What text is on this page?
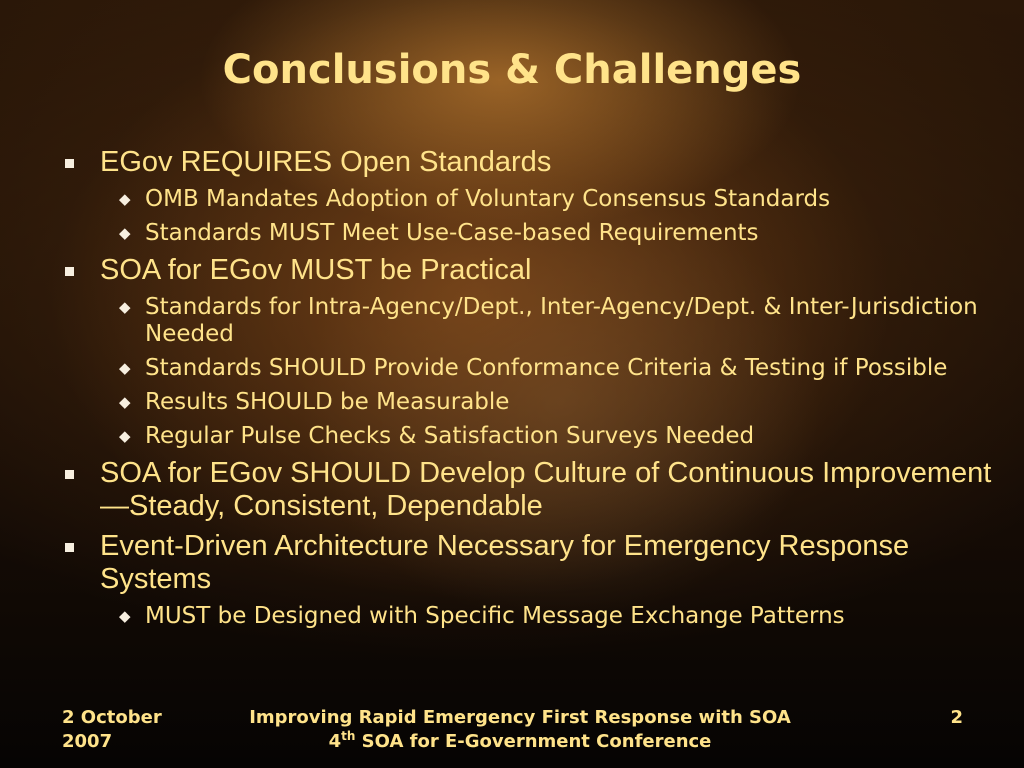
Conclusions & Challenges
EGov REQUIRES Open Standards
◆ OMB Mandates Adoption of Voluntary Consensus Standards
◆ Standards MUST Meet Use-Case-based Requirements
SOA for EGov MUST be Practical
◆ Standards for Intra-Agency/Dept., Inter-Agency/Dept. & Inter-Jurisdiction Needed
◆ Standards SHOULD Provide Conformance Criteria & Testing if Possible
◆ Results SHOULD be Measurable
◆ Regular Pulse Checks & Satisfaction Surveys Needed
SOA for EGov SHOULD Develop Culture of Continuous Improvement—Steady, Consistent, Dependable
Event-Driven Architecture Necessary for Emergency Response Systems
◆ MUST be Designed with Specific Message Exchange Patterns
2 October 2007
Improving Rapid Emergency First Response with SOA
4th SOA for E-Government Conference
2
